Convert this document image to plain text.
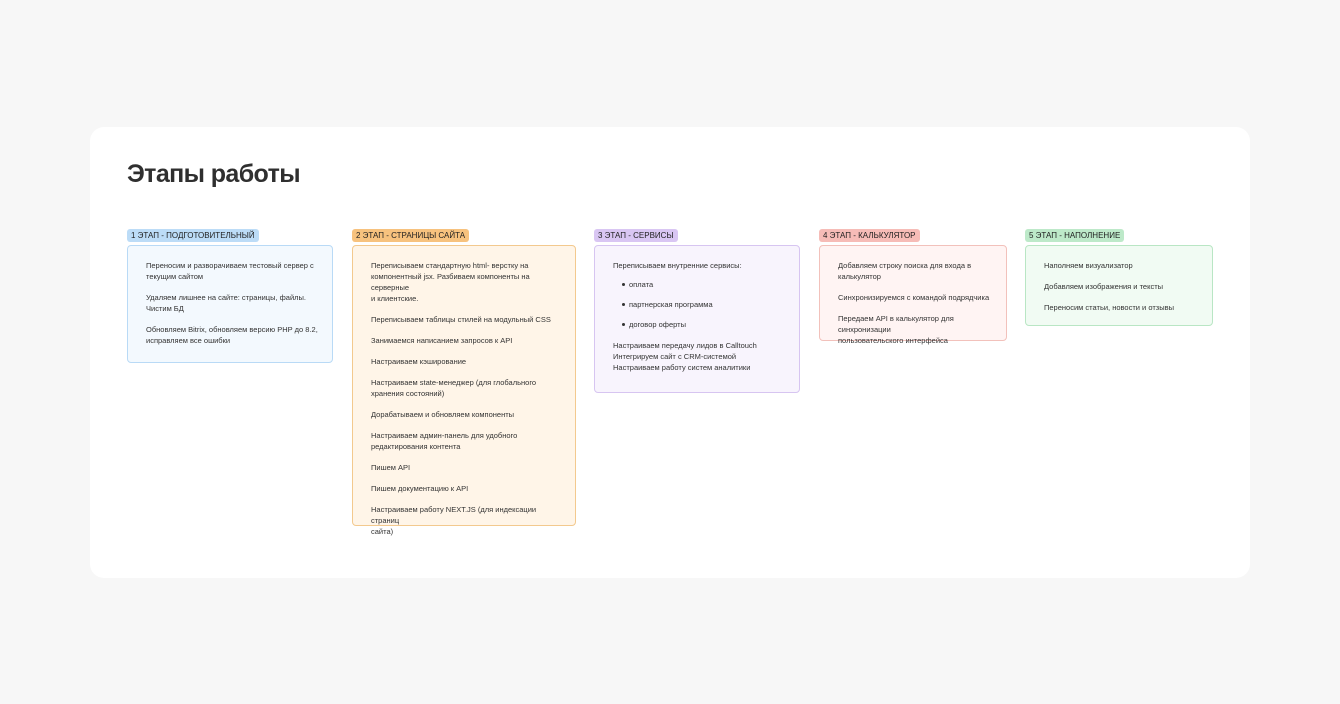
Этапы работы
1 ЭТАП - ПОДГОТОВИТЕЛЬНЫЙ

Переносим и разворачиваем тестовый сервер с
текущим сайтом

Удаляем лишнее на сайте: страницы, файлы. Чистим БД

Обновляем Bitrix, обновляем версию PHP до 8.2,
исправляем все ошибки

2 ЭТАП - СТРАНИЦЫ САЙТА

Переписываем стандартную html- верстку на
компонентный jsx. Разбиваем компоненты на серверные
и клиентские.

Переписываем таблицы стилей на модульный CSS

Занимаемся написанием запросов к API

Настраиваем кэширование

Настраиваем state-менеджер (для глобального
хранения состояний)

Дорабатываем и обновляем компоненты

Настраиваем админ-панель для удобного
редактирования контента

Пишем API

Пишем документацию к API

Настраиваем работу NEXT.JS (для индексации страниц
сайта)

3 ЭТАП - СЕРВИСЫ

Переписываем внутренние сервисы:

оплата
партнерская программа
договор оферты

Настраиваем передачу лидов в Calltouch

Интегрируем сайт с CRM-системой

Настраиваем работу систем аналитики

4 ЭТАП - КАЛЬКУЛЯТОР

Добавляем строку поиска для входа в калькулятор

Синхронизируемся с командой подрядчика

Передаем API в калькулятор для синхронизации
пользовательского интерфейса

5 ЭТАП - НАПОЛНЕНИЕ

Наполняем визуализатор

Добавляем изображения и тексты

Переносим статьи, новости и отзывы
